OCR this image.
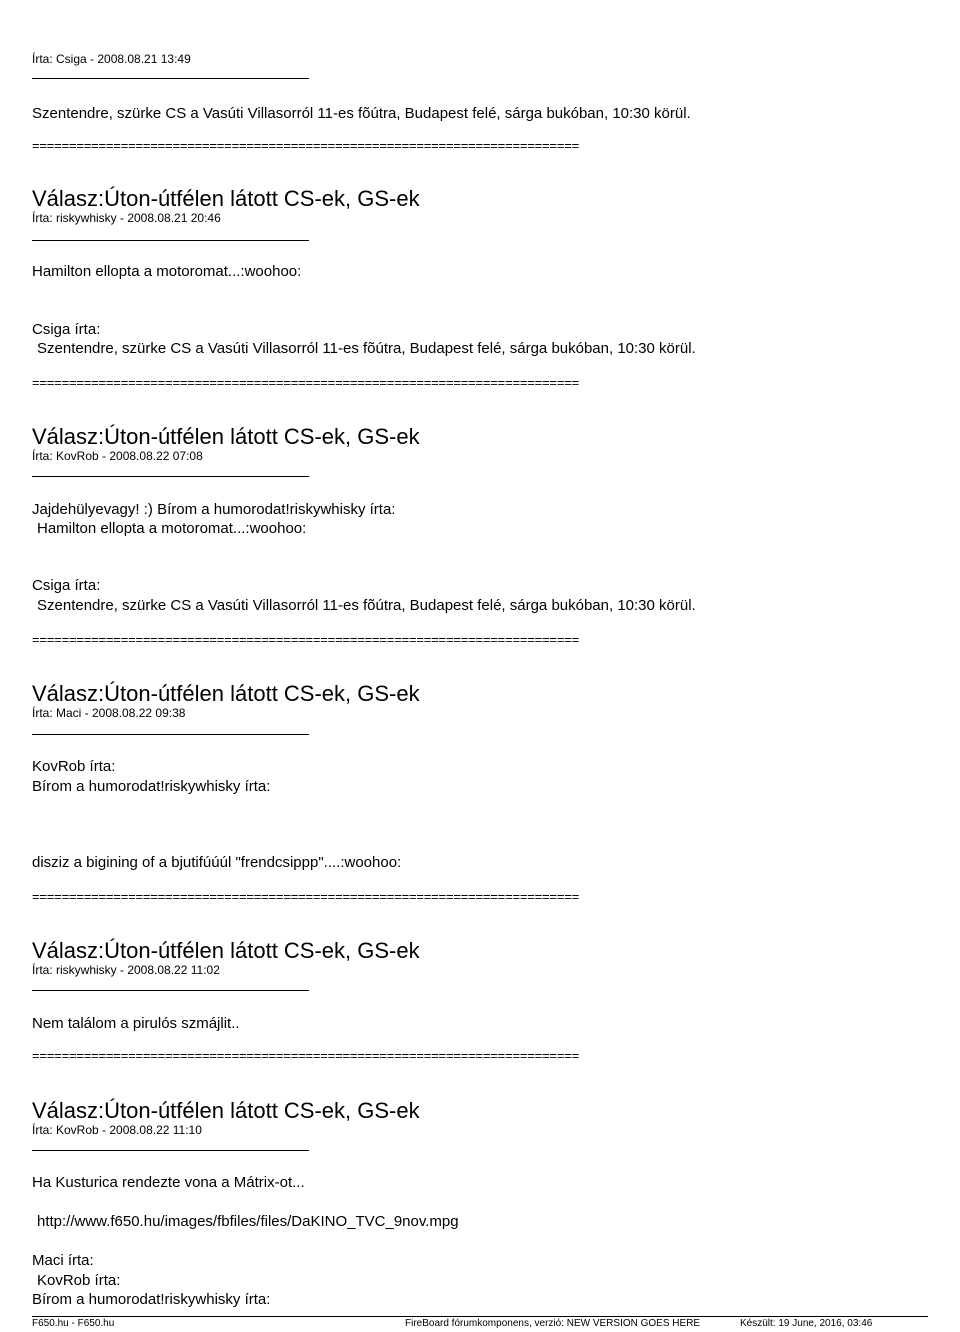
Írta: Csiga - 2008.08.21 13:49
Szentendre, szürke CS a Vasúti Villasorról 11-es fõútra, Budapest felé, sárga bukóban, 10:30 körül.
==========================================================================
Válasz:Úton-útfélen látott CS-ek, GS-ek
Írta: riskywhisky - 2008.08.21 20:46
Hamilton ellopta a motoromat...:woohoo:
Csiga írta:
Szentendre, szürke CS a Vasúti Villasorról 11-es fõútra, Budapest felé, sárga bukóban, 10:30 körül.
==========================================================================
Válasz:Úton-útfélen látott CS-ek, GS-ek
Írta: KovRob - 2008.08.22 07:08
Jajdehülyevagy! :) Bírom a humorodat!riskywhisky írta:
Hamilton ellopta a motoromat...:woohoo:
Csiga írta:
Szentendre, szürke CS a Vasúti Villasorról 11-es fõútra, Budapest felé, sárga bukóban, 10:30 körül.
==========================================================================
Válasz:Úton-útfélen látott CS-ek, GS-ek
Írta: Maci - 2008.08.22 09:38
KovRob írta:
Bírom a humorodat!riskywhisky írta:
disziz a bigining of a bjutifúúúl "frendcsippp"....:woohoo:
==========================================================================
Válasz:Úton-útfélen látott CS-ek, GS-ek
Írta: riskywhisky - 2008.08.22 11:02
Nem találom a pirulós szmájlit..
==========================================================================
Válasz:Úton-útfélen látott CS-ek, GS-ek
Írta: KovRob - 2008.08.22 11:10
Ha Kusturica rendezte vona a Mátrix-ot...
http://www.f650.hu/images/fbfiles/files/DaKINO_TVC_9nov.mpg
Maci írta:
KovRob írta:
Bírom a humorodat!riskywhisky írta:
F650.hu - F650.hu	FireBoard fórumkomponens, verzió: NEW VERSION GOES HERE	Készült: 19 June, 2016, 03:46
